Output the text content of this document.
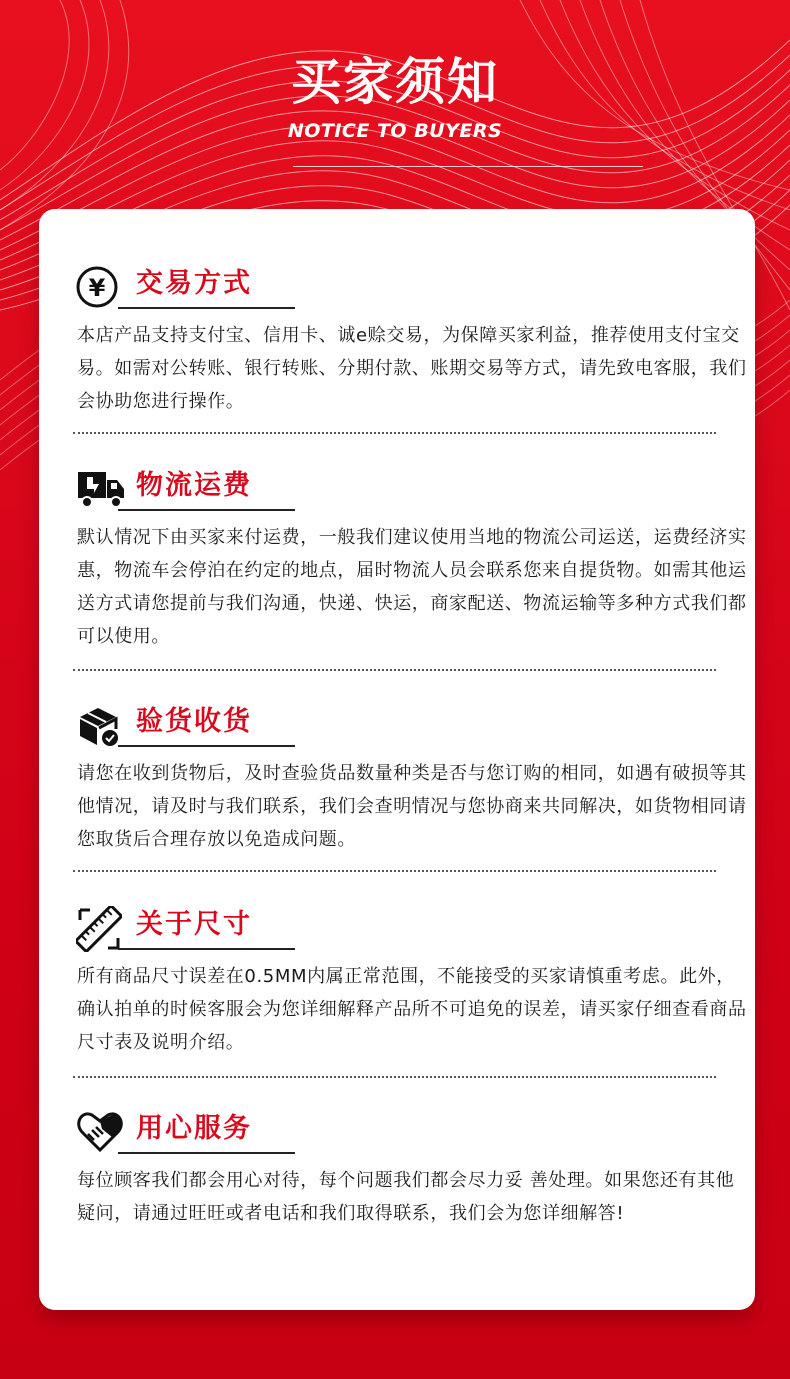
买家须知
NOTICE TO BUYERS
¥ 交易方式
本店产品支持支付宝、信用卡、诚e赊交易，为保障买家利益，推荐使用支付宝交易。如需对公转账、银行转账、分期付款、账期交易等方式，请先致电客服，我们会协助您进行操作。
物流运费
默认情况下由买家来付运费，一般我们建议使用当地的物流公司运送，运费经济实惠，物流车会停泊在约定的地点，届时物流人员会联系您来自提货物。如需其他运送方式请您提前与我们沟通，快递、快运，商家配送、物流运输等多种方式我们都可以使用。
验货收货
请您在收到货物后，及时查验货品数量种类是否与您订购的相同，如遇有破损等其他情况，请及时与我们联系，我们会查明情况与您协商来共同解决，如货物相同请您取货后合理存放以免造成问题。
关于尺寸
所有商品尺寸误差在0.5MM内属正常范围，不能接受的买家请慎重考虑。此外，确认拍单的时候客服会为您详细解释产品所不可追免的误差，请买家仔细查看商品尺寸表及说明介绍。
用心服务
每位顾客我们都会用心对待，每个问题我们都会尽力妥 善处理。如果您还有其他疑问，请通过旺旺或者电话和我们取得联系，我们会为您详细解答!
